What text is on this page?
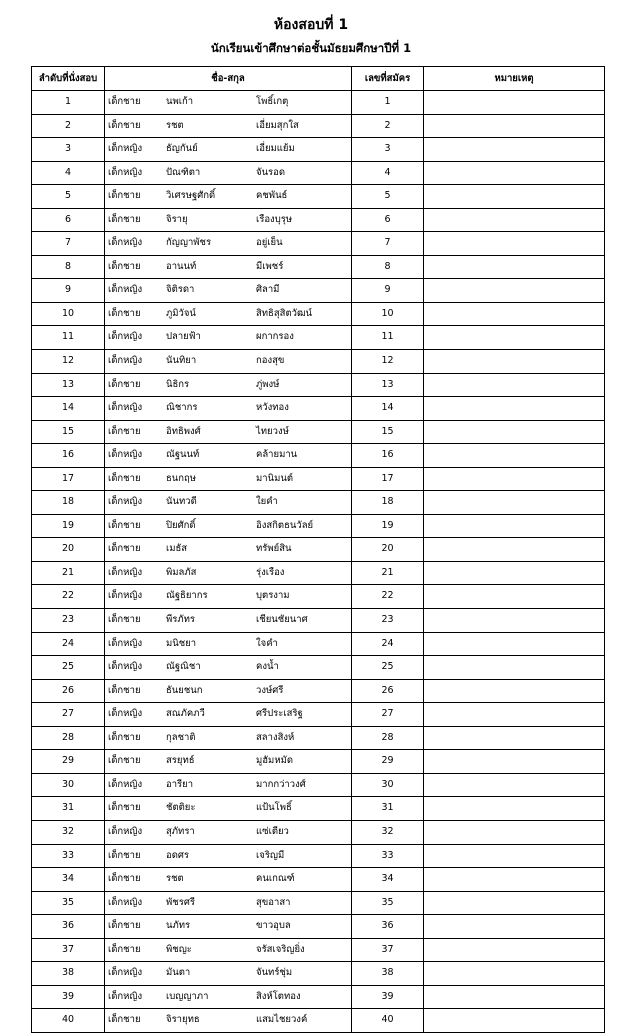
ห้องสอบที่ 1
นักเรียนเข้าศึกษาต่อชั้นมัธยมศึกษาปีที่ 1
ลำดับที่นั่งสอบ	ชื่อ-สกุล	เลขที่สมัคร	หมายเหตุ
1	เด็กชาย นพเก้า โพธิ์เกตุ	1	
2	เด็กชาย รชต เอี่ยมสุกใส	2	
3	เด็กหญิง ธัญกันย์ เอี่ยมแย้ม	3	
4	เด็กหญิง ปัณฑิตา จันรอด	4	
5	เด็กชาย วิเศรษฐศักดิ์ คชพันธ์	5	
6	เด็กชาย จิรายุ เรืองบุรุษ	6	
7	เด็กหญิง กัญญาพัชร อยู่เย็น	7	
8	เด็กชาย อานนท์ มีเพชร์	8	
9	เด็กหญิง จิติรดา ศิลามี	9	
10	เด็กชาย ภูมิวัจน์ สิทธิสุสิตวัฒน์	10	
11	เด็กหญิง ปลายฟ้า ผกากรอง	11	
12	เด็กหญิง นันทิยา กองสุข	12	
13	เด็กชาย นิธิกร ภู่พงษ์	13	
14	เด็กหญิง ณิชากร หวังทอง	14	
15	เด็กชาย อิทธิพงศ์ ไทยวงษ์	15	
16	เด็กหญิง ณัฐนนท์ คล้ายมาน	16	
17	เด็กชาย ธนกฤษ มานิมนต์	17	
18	เด็กหญิง นันทวดี ใยคำ	18	
19	เด็กชาย ปิยศักดิ์ อิงสกิตธนวัลย์	19	
20	เด็กชาย เมธัส ทรัพย์สิน	20	
21	เด็กหญิง พิมลภัส รุ่งเรือง	21	
22	เด็กหญิง ณัฐธิยากร บุตรงาม	22	
23	เด็กชาย พีรภัทร เชียนชัยนาศ	23	
24	เด็กหญิง มนิชยา ใจคำ	24	
25	เด็กหญิง ณัฐณิชา คงน้ำ	25	
26	เด็กชาย ธันยชนก วงษ์ศรี	26	
27	เด็กหญิง สณภัคภวี ศรีประเสริฐ	27	
28	เด็กชาย กุลชาติ สลางสิงห์	28	
29	เด็กชาย สรยุทธ์ มูฮัมหมัด	29	
30	เด็กหญิง อารียา มากกว่าวงศ์	30	
31	เด็กชาย ชัตติยะ แป้นโพธิ์	31	
32	เด็กหญิง สุภัทรา แซ่เตียว	32	
33	เด็กชาย อดศร เจริญมี	33	
34	เด็กชาย รชต คนเกณฑ์	34	
35	เด็กหญิง พัชรศรี สุขอาสา	35	
36	เด็กชาย นภัทร ขาวอุบล	36	
37	เด็กชาย พิชญะ จรัสเจริญยิ่ง	37	
38	เด็กหญิง มันตา จันทร์ชุ่ม	38	
39	เด็กหญิง เบญญาภา สิงห์โตทอง	39	
40	เด็กชาย จิรายุทธ แสมไชยวงค์	40	
